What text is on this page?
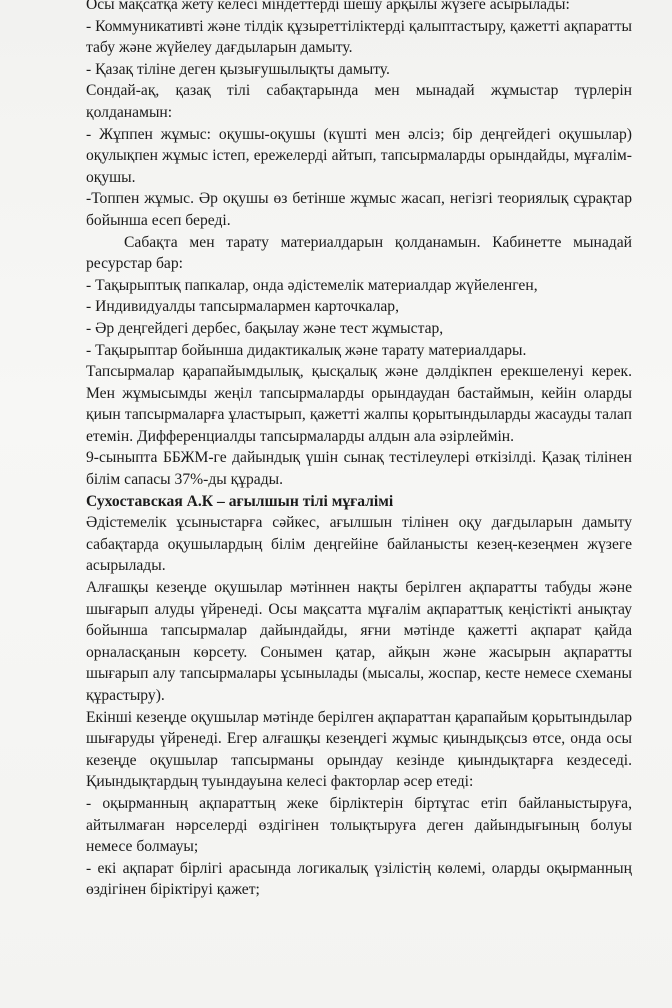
Осы мақсатқа жету келесі міндеттерді шешу арқылы жүзеге асырылады:

- Коммуникативті және тілдік құзыреттіліктерді қалыптастыру, қажетті ақпаратты табу және жүйелеу дағдыларын дамыту.

- Қазақ тіліне деген қызығушылықты дамыту.

Сондай-ақ, қазақ тілі сабақтарында мен мынадай жұмыстар түрлерін қолданамын:

- Жұппен жұмыс: оқушы-оқушы (күшті мен әлсіз; бір деңгейдегі оқушылар) оқулықпен жұмыс істеп, ережелерді айтып, тапсырмаларды орындайды, мұғалім-оқушы.

-Топпен жұмыс. Әр оқушы өз бетінше жұмыс жасап, негізгі теориялық сұрақтар бойынша есеп береді.

Сабақта мен тарату материалдарын қолданамын. Кабинетте мынадай ресурстар бар:

- Тақырыптық папкалар, онда әдістемелік материалдар жүйеленген,

- Индивидуалды тапсырмалармен карточкалар,

- Әр деңгейдегі дербес, бақылау және тест жұмыстар,

- Тақырыптар бойынша дидактикалық және тарату материалдары.

Тапсырмалар қарапайымдылық, қысқалық және дәлдікпен ерекшеленуі керек. Мен жұмысымды жеңіл тапсырмаларды орындаудан бастаймын, кейін оларды қиын тапсырмаларға ұластырып, қажетті жалпы қорытындыларды жасауды талап етемін. Дифференциалды тапсырмаларды алдын ала әзірлеймін.

9-сыныпта ББЖМ-ге дайындық үшін сынақ тестілеулері өткізілді. Қазақ тілінен білім сапасы 37%-ды құрады.

Сухоставская А.К – ағылшын тілі мұғалімі

Әдістемелік ұсыныстарға сәйкес, ағылшын тілінен оқу дағдыларын дамыту сабақтарда оқушылардың білім деңгейіне байланысты кезең-кезеңмен жүзеге асырылады.

Алғашқы кезеңде оқушылар мәтіннен нақты берілген ақпаратты табуды және шығарып алуды үйренеді. Осы мақсатта мұғалім ақпараттық кеңістікті анықтау бойынша тапсырмалар дайындайды, яғни мәтінде қажетті ақпарат қайда орналасқанын көрсету. Сонымен қатар, айқын және жасырын ақпаратты шығарып алу тапсырмалары ұсынылады (мысалы, жоспар, кесте немесе схеманы құрастыру).

Екінші кезеңде оқушылар мәтінде берілген ақпараттан қарапайым қорытындылар шығаруды үйренеді. Егер алғашқы кезеңдегі жұмыс қиындықсыз өтсе, онда осы кезеңде оқушылар тапсырманы орындау кезінде қиындықтарға кездеседі. Қиындықтардың туындауына келесі факторлар әсер етеді:

- оқырманның ақпараттың жеке бірліктерін біртұтас етіп байланыстыруға, айтылмаған нәрселерді өздігінен толықтыруға деген дайындығының болуы немесе болмауы;

- екі ақпарат бірлігі арасында логикалық үзілістің көлемі, оларды оқырманның өздігінен біріктіруі қажет;
